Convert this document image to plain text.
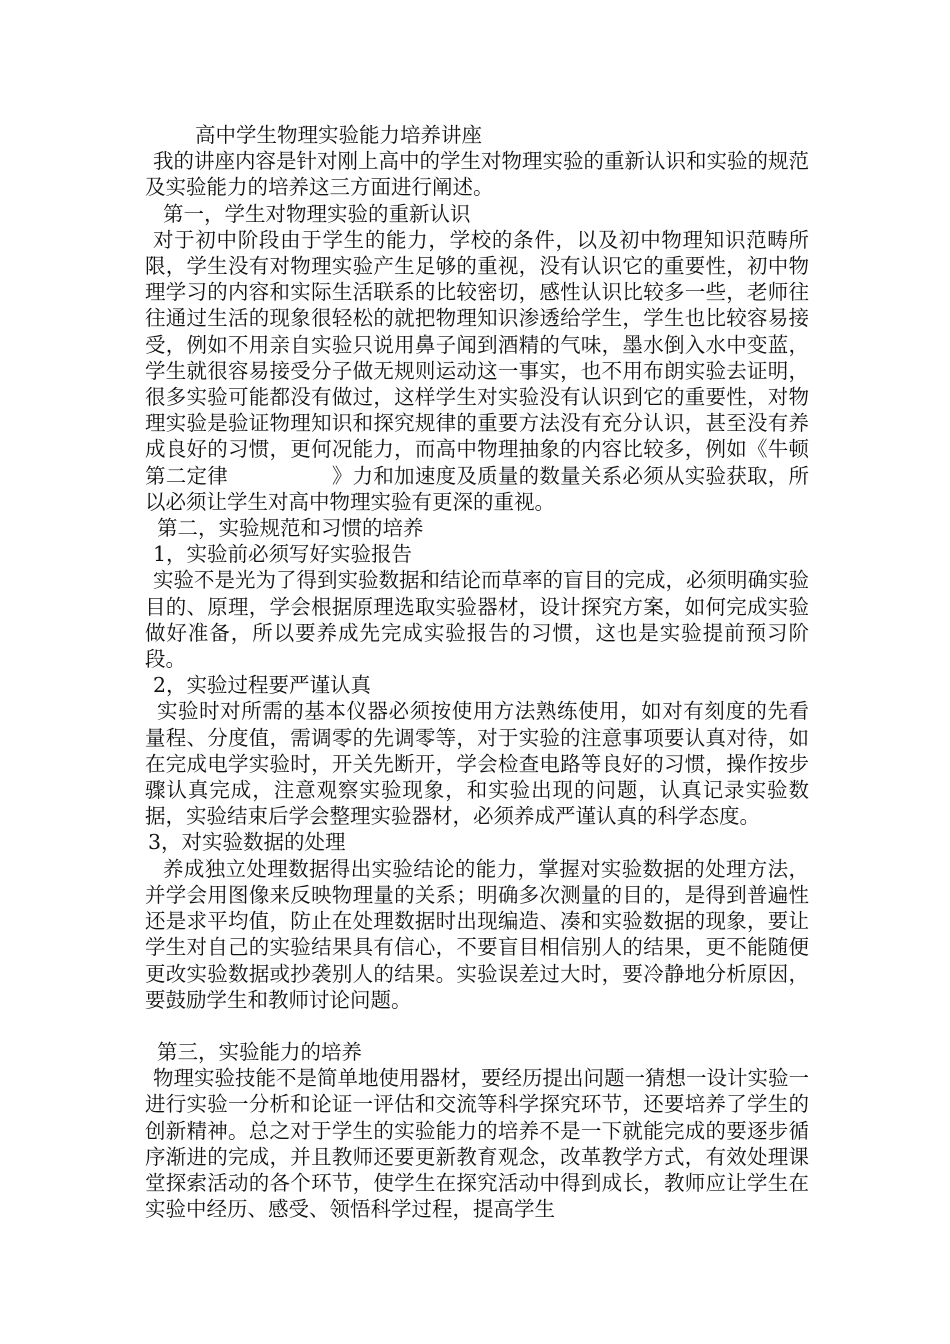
高中学生物理实验能力培养讲座

我的讲座内容是针对刚上高中的学生对物理实验的重新认识和实验的规范及实验能力的培养这三方面进行阐述。

第一，学生对物理实验的重新认识

对于初中阶段由于学生的能力，学校的条件，以及初中物理知识范畴所限，学生没有对物理实验产生足够的重视，没有认识它的重要性，初中物理学习的内容和实际生活联系的比较密切，感性认识比较多一些，老师往往通过生活的现象很轻松的就把物理知识渗透给学生，学生也比较容易接受，例如不用亲自实验只说用鼻子闻到酒精的气味，墨水倒入水中变蓝，学生就很容易接受分子做无规则运动这一事实，也不用布朗实验去证明，很多实验可能都没有做过，这样学生对实验没有认识到它的重要性，对物理实验是验证物理知识和探究规律的重要方法没有充分认识，甚至没有养成良好的习惯，更何况能力，而高中物理抽象的内容比较多，例如《牛顿第二定律　　　　　》力和加速度及质量的数量关系必须从实验获取，所以必须让学生对高中物理实验有更深的重视。

第二，实验规范和习惯的培养

1，实验前必须写好实验报告

实验不是光为了得到实验数据和结论而草率的盲目的完成，必须明确实验目的、原理，学会根据原理选取实验器材，设计探究方案，如何完成实验做好准备，所以要养成先完成实验报告的习惯，这也是实验提前预习阶段。

2，实验过程要严谨认真

实验时对所需的基本仪器必须按使用方法熟练使用，如对有刻度的先看量程、分度值，需调零的先调零等，对于实验的注意事项要认真对待，如在完成电学实验时，开关先断开，学会检查电路等良好的习惯，操作按步骤认真完成，注意观察实验现象，和实验出现的问题，认真记录实验数据，实验结束后学会整理实验器材，必须养成严谨认真的科学态度。

3，对实验数据的处理

养成独立处理数据得出实验结论的能力，掌握对实验数据的处理方法，并学会用图像来反映物理量的关系；明确多次测量的目的，是得到普遍性还是求平均值，防止在处理数据时出现编造、凑和实验数据的现象，要让学生对自己的实验结果具有信心，不要盲目相信别人的结果，更不能随便更改实验数据或抄袭别人的结果。实验误差过大时，要冷静地分析原因，要鼓励学生和教师讨论问题。

第三，实验能力的培养

物理实验技能不是简单地使用器材，要经历提出问题一猜想一设计实验一进行实验一分析和论证一评估和交流等科学探究环节，还要培养了学生的创新精神。总之对于学生的实验能力的培养不是一下就能完成的要逐步循序渐进的完成，并且教师还要更新教育观念，改革教学方式，有效处理课堂探索活动的各个环节，使学生在探究活动中得到成长，教师应让学生在实验中经历、感受、领悟科学过程，提高学生
